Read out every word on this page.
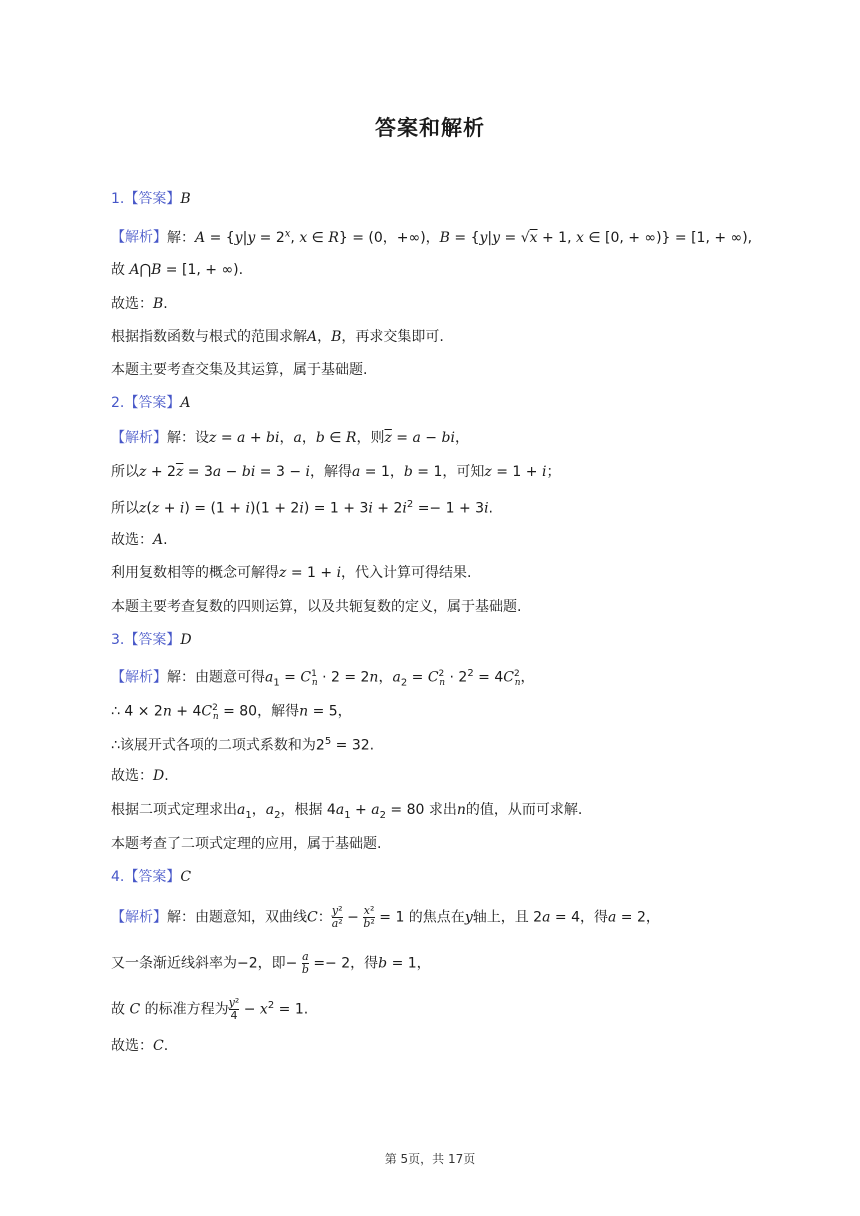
答案和解析
1.【答案】B
【解析】解：$A = \{y|y = 2^x$, x ∈ R} = (0，+∞)，B = {y|y = √x + 1, x ∈ [0, + ∞)} = [1, + ∞),
故 A⋂B = [1, + ∞).
故选：B.
根据指数函数与根式的范围求解A，B，再求交集即可.
本题主要考查交集及其运算，属于基础题.
2.【答案】A
【解析】解：设z = a + bi，a，b ∈ R，则$\overline{z} = a$ − bi，
所以$z + 2\overline{z} = 3a$ − bi = 3 − i，解得a = 1，b = 1，可知z = 1 + i；
所以$z(z + i) = (1 + i)(1 + 2i) = 1 + 3i + 2i^2 =- 1 + 3i$.
故选：A.
利用复数相等的概念可解得z = 1 + i，代入计算可得结果.
本题主要考查复数的四则运算，以及共轭复数的定义，属于基础题.
3.【答案】D
【解析】解：由题意可得$a_1 = C^1_n \cdot 2 = 2n$，$a_2 = C^2_n \cdot 2^2 = 4C^2_n$，
∴ $4 \times 2n + 4C^2_n = 80$，解得n = 5，
∴该展开式各项的二项式系数和为$2^5 = 32$.
故选：D.
根据二项式定理求出$a_1$，$a_2$，根据 $4a_1 + a_2 = 80$ 求出n的值，从而可求解.
本题考查了二项式定理的应用，属于基础题.
4.【答案】C
【解析】解：由题意知，双曲线C：y²

a² − x²

b² = 1 的焦点在y轴上，且 2a = 4，得a = 2，
又一条渐近线斜率为−2，即− $\frac{a}{b} =- 2$，得b = 1，
故 C 的标准方程为y²

$4 - x^2 = 1$.
故选：C.
第 5页，共 17页
